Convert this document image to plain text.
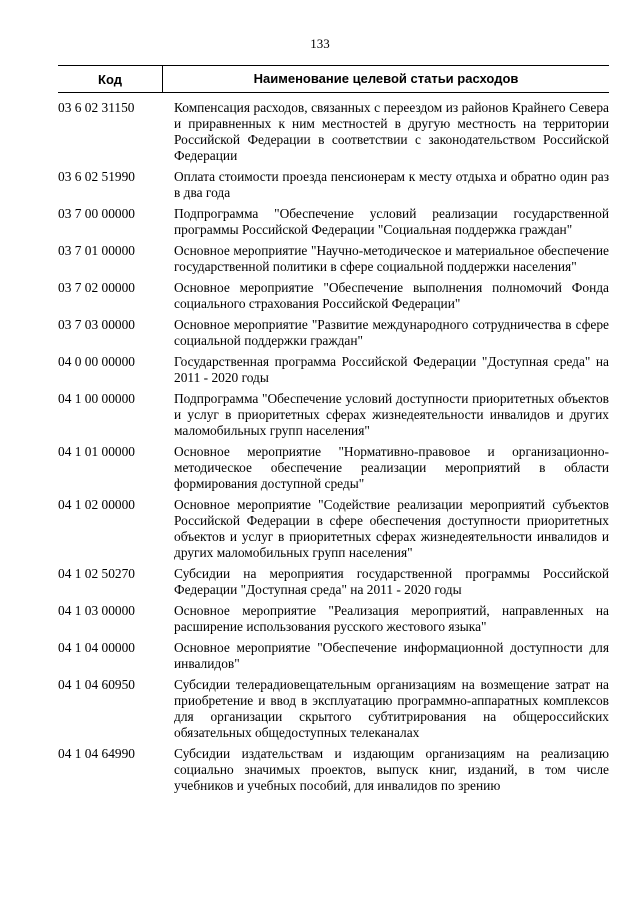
133
Код	Наименование целевой статьи расходов
03 6 02 31150	Компенсация расходов, связанных с переездом из районов Крайнего Севера и приравненных к ним местностей в другую местность на территории Российской Федерации в соответствии с законодательством Российской Федерации
03 6 02 51990	Оплата стоимости проезда пенсионерам к месту отдыха и обратно один раз в два года
03 7 00 00000	Подпрограмма "Обеспечение условий реализации государственной программы Российской Федерации "Социальная поддержка граждан"
03 7 01 00000	Основное мероприятие "Научно-методическое и материальное обеспечение государственной политики в сфере социальной поддержки населения"
03 7 02 00000	Основное мероприятие "Обеспечение выполнения полномочий Фонда социального страхования Российской Федерации"
03 7 03 00000	Основное мероприятие "Развитие международного сотрудничества в сфере социальной поддержки граждан"
04 0 00 00000	Государственная программа Российской Федерации "Доступная среда" на 2011 - 2020 годы
04 1 00 00000	Подпрограмма "Обеспечение условий доступности приоритетных объектов и услуг в приоритетных сферах жизнедеятельности инвалидов и других маломобильных групп населения"
04 1 01 00000	Основное мероприятие "Нормативно-правовое и организационно-методическое обеспечение реализации мероприятий в области формирования доступной среды"
04 1 02 00000	Основное мероприятие "Содействие реализации мероприятий субъектов Российской Федерации в сфере обеспечения доступности приоритетных объектов и услуг в приоритетных сферах жизнедеятельности инвалидов и других маломобильных групп населения"
04 1 02 50270	Субсидии на мероприятия государственной программы Российской Федерации "Доступная среда" на 2011 - 2020 годы
04 1 03 00000	Основное мероприятие "Реализация мероприятий, направленных на расширение использования русского жестового языка"
04 1 04 00000	Основное мероприятие "Обеспечение информационной доступности для инвалидов"
04 1 04 60950	Субсидии телерадиовещательным организациям на возмещение затрат на приобретение и ввод в эксплуатацию программно-аппаратных комплексов для организации скрытого субтитрирования на общероссийских обязательных общедоступных телеканалах
04 1 04 64990	Субсидии издательствам и издающим организациям на реализацию социально значимых проектов, выпуск книг, изданий, в том числе учебников и учебных пособий, для инвалидов по зрению
